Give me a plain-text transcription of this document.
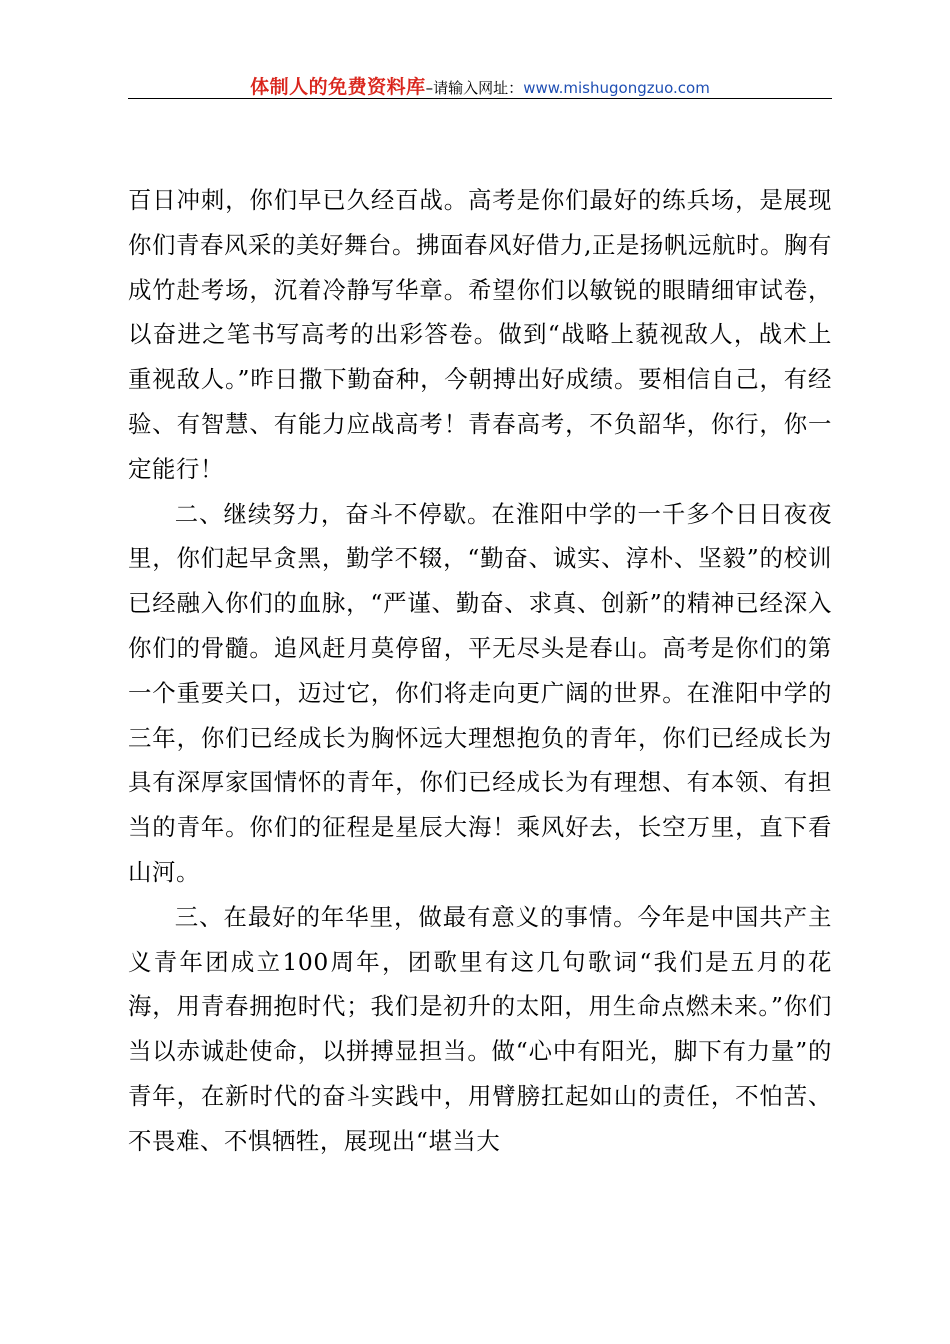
体制人的免费资料库–请输入网址：www.mishugongzuo.com

百日冲刺，你们早已久经百战。高考是你们最好的练兵场，是展现你们青春风采的美好舞台。拂面春风好借力,正是扬帆远航时。胸有成竹赴考场，沉着冷静写华章。希望你们以敏锐的眼睛细审试卷，以奋进之笔书写高考的出彩答卷。做到“战略上藐视敌人，战术上重视敌人。”昨日撒下勤奋种，今朝搏出好成绩。要相信自己，有经验、有智慧、有能力应战高考！青春高考，不负韶华，你行，你一定能行！

二、继续努力，奋斗不停歇。在淮阳中学的一千多个日日夜夜里，你们起早贪黑，勤学不辍，“勤奋、诚实、淳朴、坚毅”的校训已经融入你们的血脉，“严谨、勤奋、求真、创新”的精神已经深入你们的骨髓。追风赶月莫停留，平无尽头是春山。高考是你们的第一个重要关口，迈过它，你们将走向更广阔的世界。在淮阳中学的三年，你们已经成长为胸怀远大理想抱负的青年，你们已经成长为具有深厚家国情怀的青年，你们已经成长为有理想、有本领、有担当的青年。你们的征程是星辰大海！乘风好去，长空万里，直下看山河。

三、在最好的年华里，做最有意义的事情。今年是中国共产主义青年团成立100周年，团歌里有这几句歌词“我们是五月的花海，用青春拥抱时代；我们是初升的太阳，用生命点燃未来。”你们当以赤诚赴使命，以拼搏显担当。做“心中有阳光，脚下有力量”的青年，在新时代的奋斗实践中，用臂膀扛起如山的责任，不怕苦、不畏难、不惧牺牲，展现出“堪当大
